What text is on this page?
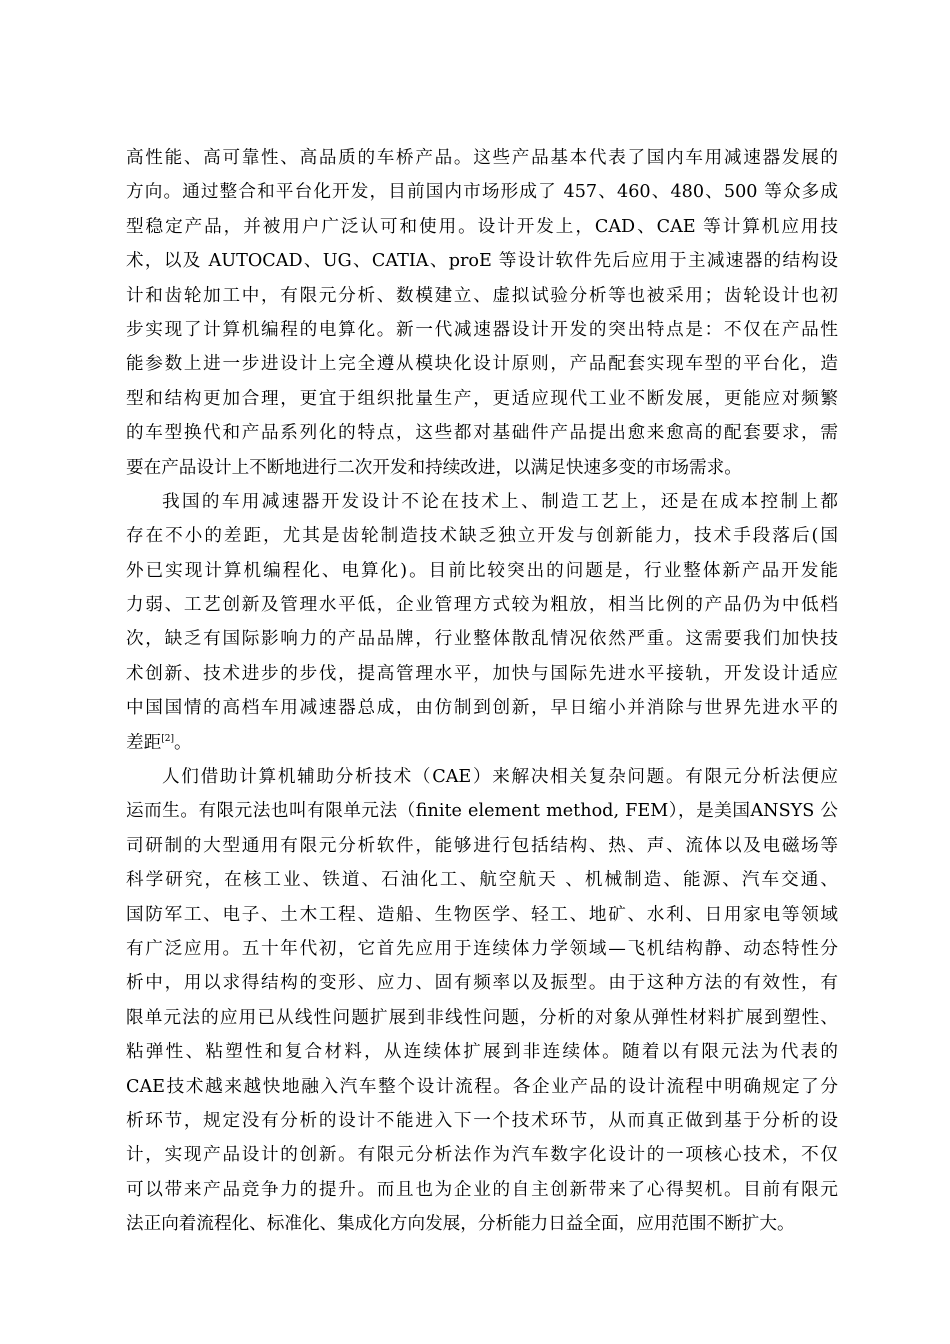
高性能、高可靠性、高品质的车桥产品。这些产品基本代表了国内车用减速器发展的
方向。通过整合和平台化开发，目前国内市场形成了 457、460、480、500 等众多成
型稳定产品，并被用户广泛认可和使用。设计开发上，CAD、CAE 等计算机应用技
术，以及 AUTOCAD、UG、CATIA、proE 等设计软件先后应用于主减速器的结构设
计和齿轮加工中，有限元分析、数模建立、虚拟试验分析等也被采用；齿轮设计也初
步实现了计算机编程的电算化。新一代减速器设计开发的突出特点是：不仅在产品性
能参数上进一步进设计上完全遵从模块化设计原则，产品配套实现车型的平台化，造
型和结构更加合理，更宜于组织批量生产，更适应现代工业不断发展，更能应对频繁
的车型换代和产品系列化的特点，这些都对基础件产品提出愈来愈高的配套要求，需
要在产品设计上不断地进行二次开发和持续改进，以满足快速多变的市场需求。
我国的车用减速器开发设计不论在技术上、制造工艺上，还是在成本控制上都
存在不小的差距，尤其是齿轮制造技术缺乏独立开发与创新能力，技术手段落后(国
外已实现计算机编程化、电算化)。目前比较突出的问题是，行业整体新产品开发能
力弱、工艺创新及管理水平低，企业管理方式较为粗放，相当比例的产品仍为中低档
次，缺乏有国际影响力的产品品牌，行业整体散乱情况依然严重。这需要我们加快技
术创新、技术进步的步伐，提高管理水平，加快与国际先进水平接轨，开发设计适应
中国国情的高档车用减速器总成，由仿制到创新，早日缩小并消除与世界先进水平的
差距[2]。
人们借助计算机辅助分析技术（CAE）来解决相关复杂问题。有限元分析法便应
运而生。有限元法也叫有限单元法（finite element method, FEM），是美国ANSYS 公
司研制的大型通用有限元分析软件，能够进行包括结构、热、声、流体以及电磁场等
科学研究，在核工业、铁道、石油化工、航空航天 、机械制造、能源、汽车交通、
国防军工、电子、土木工程、造船、生物医学、轻工、地矿、水利、日用家电等领域
有广泛应用。五十年代初，它首先应用于连续体力学领域—飞机结构静、动态特性分
析中，用以求得结构的变形、应力、固有频率以及振型。由于这种方法的有效性，有
限单元法的应用已从线性问题扩展到非线性问题，分析的对象从弹性材料扩展到塑性、
粘弹性、粘塑性和复合材料，从连续体扩展到非连续体。随着以有限元法为代表的
CAE技术越来越快地融入汽车整个设计流程。各企业产品的设计流程中明确规定了分
析环节，规定没有分析的设计不能进入下一个技术环节，从而真正做到基于分析的设
计，实现产品设计的创新。有限元分析法作为汽车数字化设计的一项核心技术，不仅
可以带来产品竞争力的提升。而且也为企业的自主创新带来了心得契机。目前有限元
法正向着流程化、标准化、集成化方向发展，分析能力日益全面，应用范围不断扩大。
